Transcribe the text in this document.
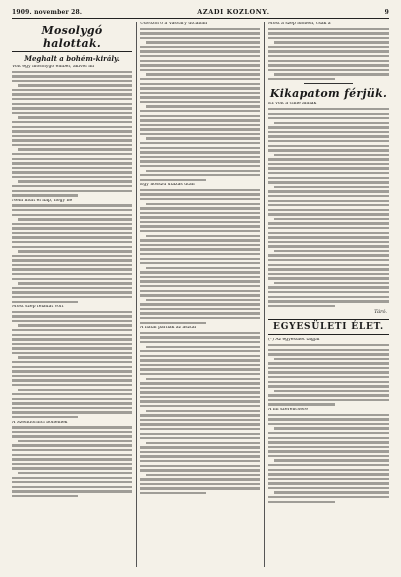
1909. november 28.	AZADI KOZLONY.	9
Mosolygó halottak.
Meghalt a bohém-király.
Volt egy mosolygó ember, akivel mi
Nem múlt el nap, hogy ne
Most szép feladat volt
A Szentlőrinci bohémek
Üdvözöl ő a Vasváry utcában
Egy hosszú utazás után
A fiatal párnák az asztal
Most a szép időben, csak a
Kikapatom férjük.
Ez volt a címe annak
Táró.
EGYESÜLETI ÉLET.
(*) Az egyesület tagjai
A mi szerencsére
